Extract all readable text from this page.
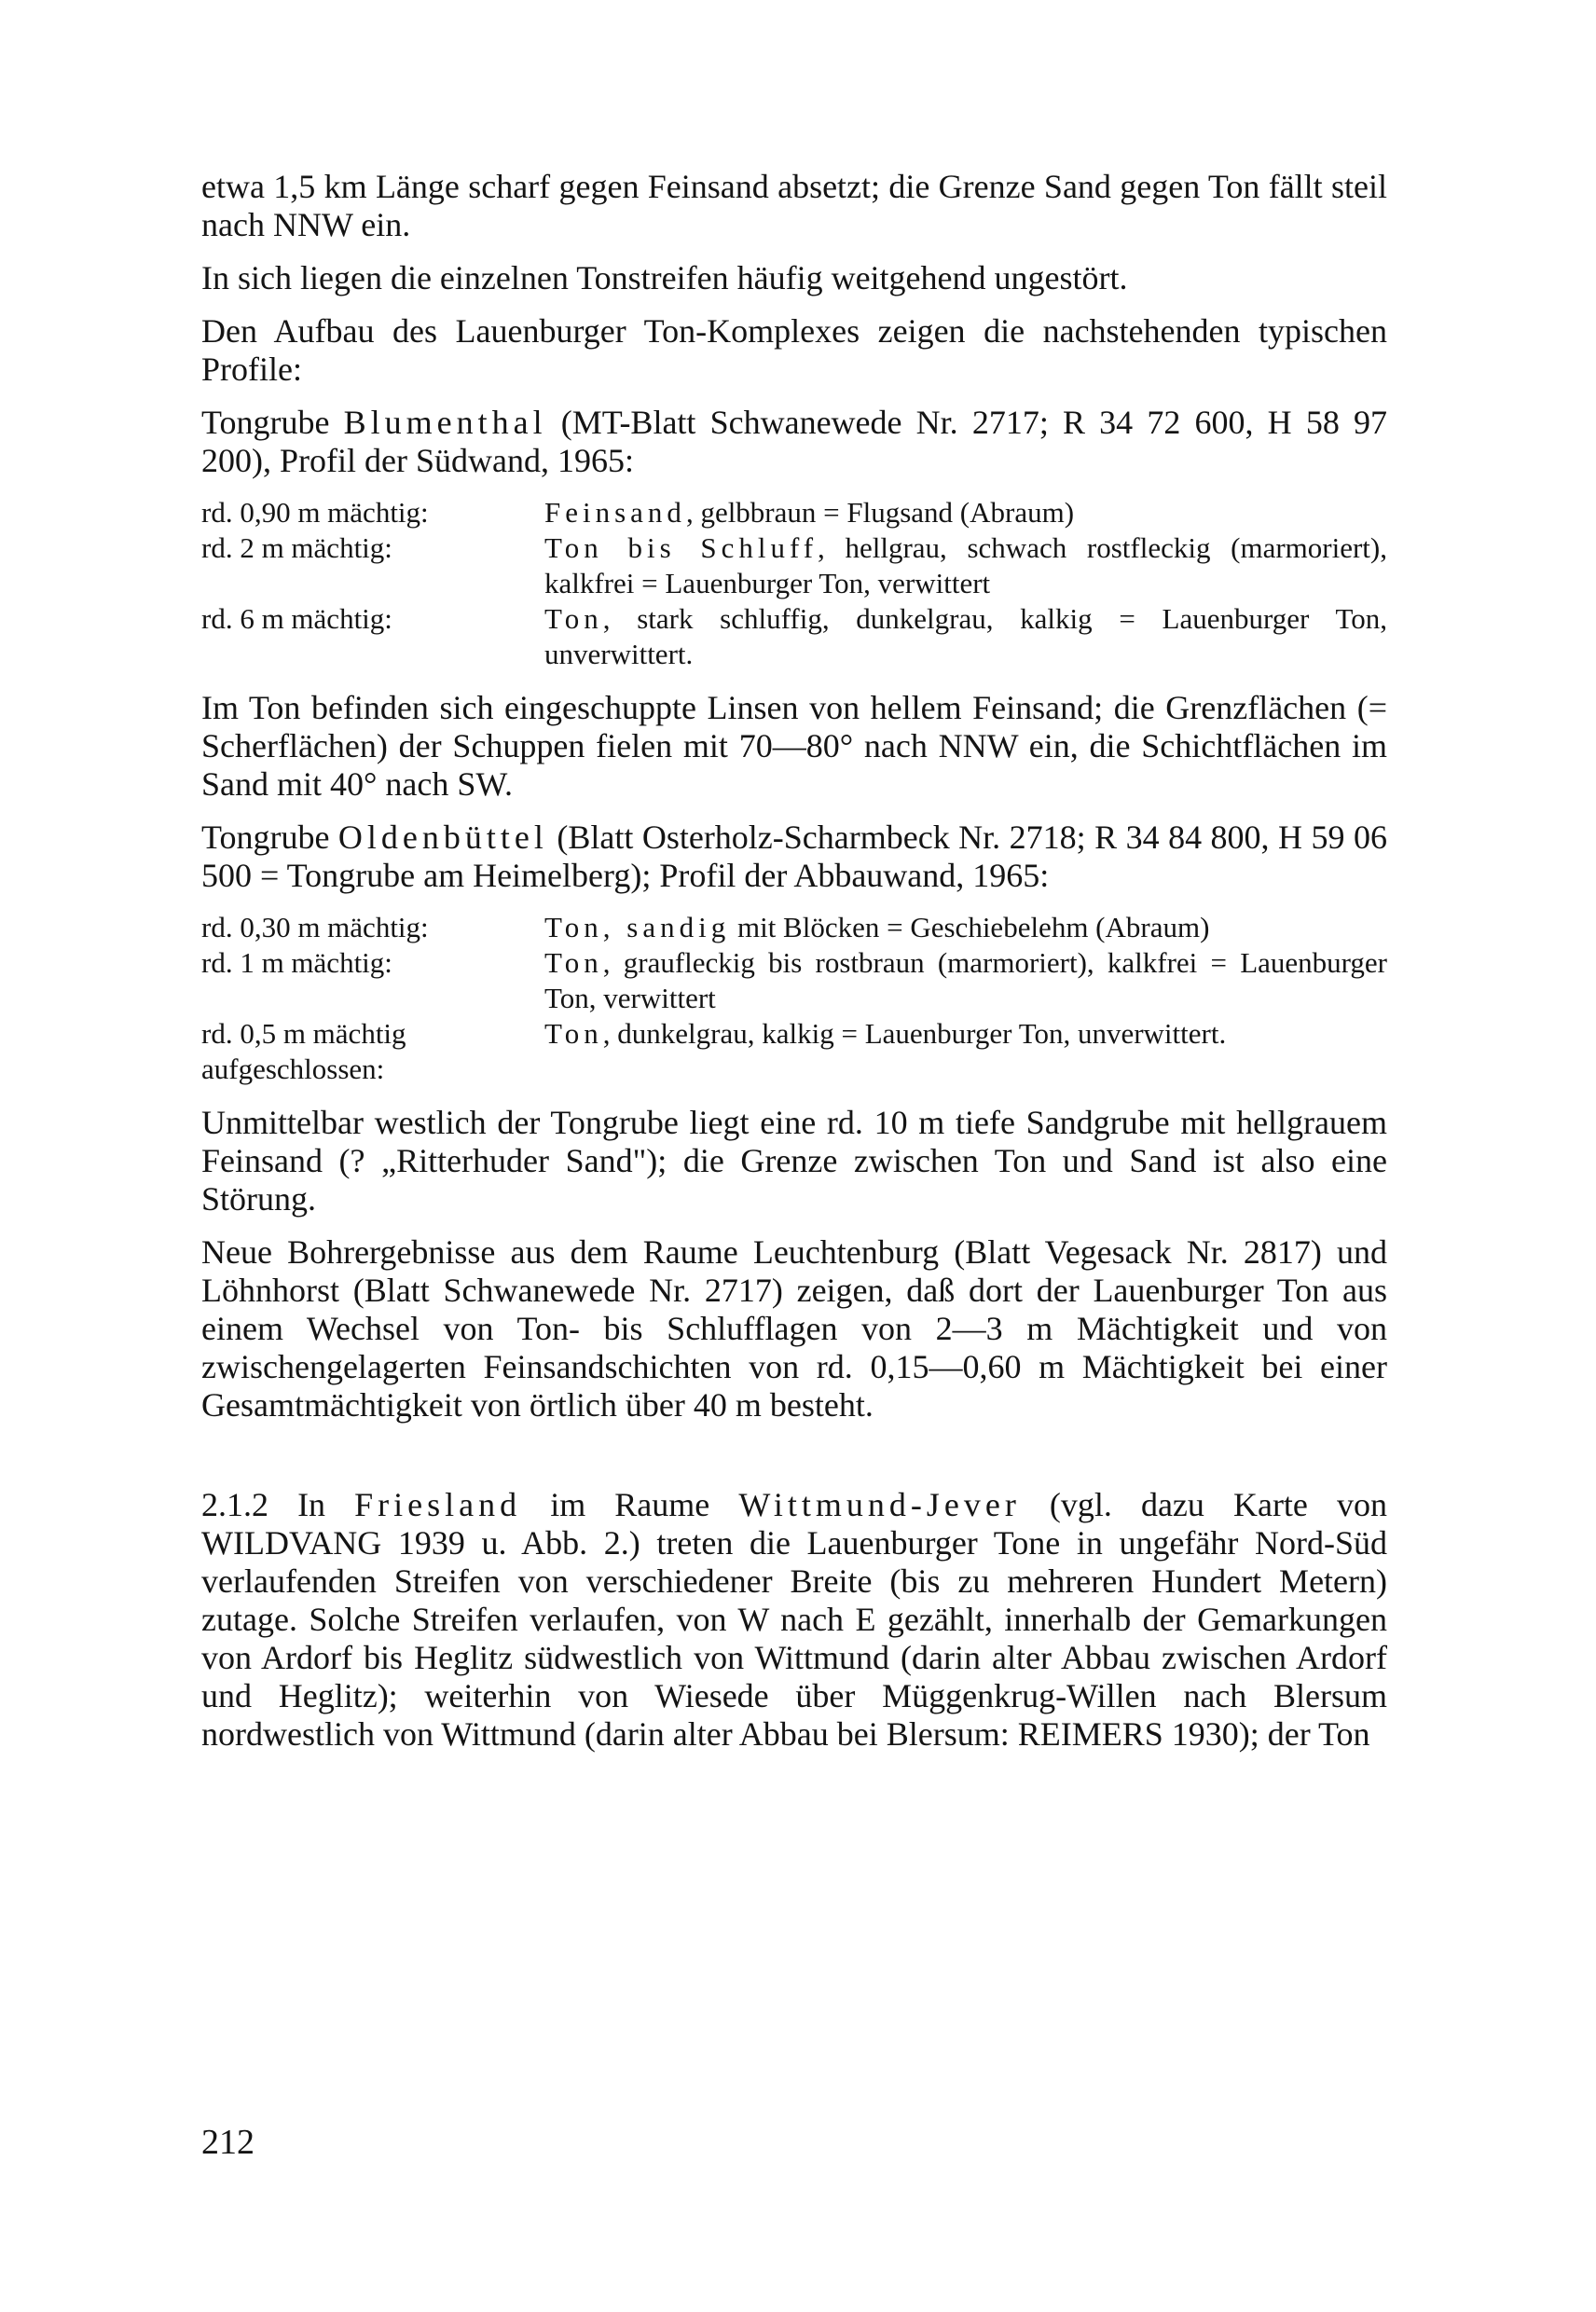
etwa 1,5 km Länge scharf gegen Feinsand absetzt; die Grenze Sand gegen Ton fällt steil nach NNW ein.

In sich liegen die einzelnen Tonstreifen häufig weitgehend ungestört.

Den Aufbau des Lauenburger Ton-Komplexes zeigen die nachstehenden typischen Profile:

Tongrube Blumenthal (MT-Blatt Schwanewede Nr. 2717; R 34 72 600, H 58 97 200), Profil der Südwand, 1965:

rd. 0,90 m mächtig:	Feinsand, gelbbraun = Flugsand (Abraum)
rd. 2 m mächtig:	Ton bis Schluff, hellgrau, schwach rostfleckig (marmoriert), kalkfrei = Lauenburger Ton, verwittert
rd. 6 m mächtig:	Ton, stark schluffig, dunkelgrau, kalkig = Lauenburger Ton, unverwittert.

Im Ton befinden sich eingeschuppte Linsen von hellem Feinsand; die Grenzflächen (= Scherflächen) der Schuppen fielen mit 70—80° nach NNW ein, die Schichtflächen im Sand mit 40° nach SW.

Tongrube Oldenbüttel (Blatt Osterholz-Scharmbeck Nr. 2718; R 34 84 800, H 59 06 500 = Tongrube am Heimelberg); Profil der Abbauwand, 1965:

rd. 0,30 m mächtig:	Ton, sandig mit Blöcken = Geschiebelehm (Abraum)
rd. 1 m mächtig:	Ton, graufleckig bis rostbraun (marmoriert), kalkfrei = Lauenburger Ton, verwittert
rd. 0,5 m mächtig aufgeschlossen:	Ton, dunkelgrau, kalkig = Lauenburger Ton, unverwittert.

Unmittelbar westlich der Tongrube liegt eine rd. 10 m tiefe Sandgrube mit hellgrauem Feinsand (? „Ritterhuder Sand"); die Grenze zwischen Ton und Sand ist also eine Störung.

Neue Bohrergebnisse aus dem Raume Leuchtenburg (Blatt Vegesack Nr. 2817) und Löhnhorst (Blatt Schwanewede Nr. 2717) zeigen, daß dort der Lauenburger Ton aus einem Wechsel von Ton- bis Schlufflagen von 2—3 m Mächtigkeit und von zwischengelagerten Feinsandschichten von rd. 0,15—0,60 m Mächtigkeit bei einer Gesamtmächtigkeit von örtlich über 40 m besteht.

2.1.2 In Friesland im Raume Wittmund-Jever (vgl. dazu Karte von WILDVANG 1939 u. Abb. 2.) treten die Lauenburger Tone in ungefähr Nord-Süd verlaufenden Streifen von verschiedener Breite (bis zu mehreren Hundert Metern) zutage. Solche Streifen verlaufen, von W nach E gezählt, innerhalb der Gemarkungen von Ardorf bis Heglitz südwestlich von Wittmund (darin alter Abbau zwischen Ardorf und Heglitz); weiterhin von Wiesede über Müggenkrug-Willen nach Blersum nordwestlich von Wittmund (darin alter Abbau bei Blersum: REIMERS 1930); der Ton

212
